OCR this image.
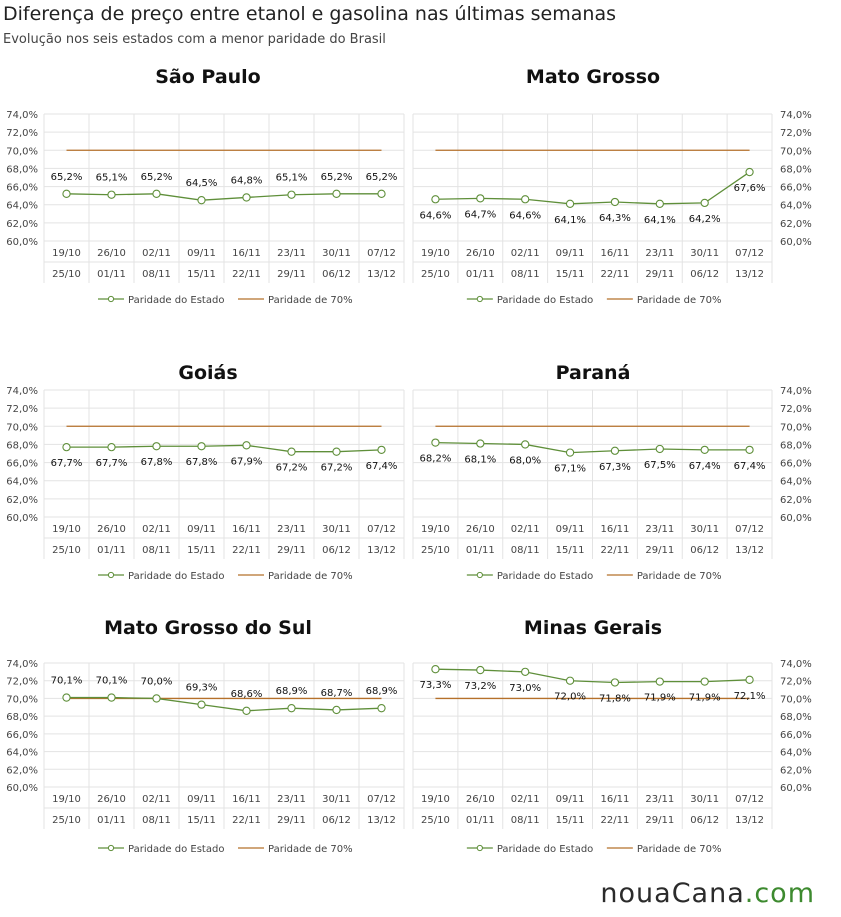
Diferença de preço entre etanol e gasolina nas últimas semanas
Evolução nos seis estados com a menor paridade do Brasil
São Paulo
60,0%
62,0%
64,0%
66,0%
68,0%
70,0%
72,0%
74,0%
19/10 26/10 02/11 09/11 16/11 23/11 30/11 07/12
25/10 01/11 08/11 15/11 22/11 29/11 06/12 13/12
65,2% 65,1% 65,2%
64,5% 64,8% 65,1% 65,2% 65,2%
Paridade do Estado	Paridade de 70%
Mato Grosso
60,0%
62,0%
64,0%
66,0%
68,0%
70,0%
72,0%
74,0%
19/10 26/10 02/11 09/11 16/11 23/11 30/11 07/12
25/10 01/11 08/11 15/11 22/11 29/11 06/12 13/12
64,6% 64,7% 64,6% 64,1% 64,3% 64,1% 64,2%
67,6%
Paridade do Estado	Paridade de 70%
Goiás
60,0%
62,0%
64,0%
66,0%
68,0%
70,0%
72,0%
74,0%
19/10 26/10 02/11 09/11 16/11 23/11 30/11 07/12
25/10 01/11 08/11 15/11 22/11 29/11 06/12 13/12
67,7% 67,7% 67,8% 67,8% 67,9%
67,2% 67,2% 67,4%
Paridade do Estado	Paridade de 70%
Paraná
60,0%
62,0%
64,0%
66,0%
68,0%
70,0%
72,0%
74,0%
19/10 26/10 02/11 09/11 16/11 23/11 30/11 07/12
25/10 01/11 08/11 15/11 22/11 29/11 06/12 13/12
68,2% 68,1% 68,0%
67,1% 67,3% 67,5% 67,4% 67,4%
Paridade do Estado	Paridade de 70%
Mato Grosso do Sul
60,0%
62,0%
64,0%
66,0%
68,0%
70,0%
72,0%
74,0%
19/10 26/10 02/11 09/11 16/11 23/11 30/11 07/12
25/10 01/11 08/11 15/11 22/11 29/11 06/12 13/12
70,1% 70,1% 70,0%
69,3%
68,6% 68,9% 68,7% 68,9%
Paridade do Estado	Paridade de 70%
Minas Gerais
60,0%
62,0%
64,0%
66,0%
68,0%
70,0%
72,0%
74,0%
19/10 26/10 02/11 09/11 16/11 23/11 30/11 07/12
25/10 01/11 08/11 15/11 22/11 29/11 06/12 13/12
73,3% 73,2% 73,0%
72,0% 71,8% 71,9% 71,9% 72,1%
Paridade do Estado	Paridade de 70%
nouaCana.com
